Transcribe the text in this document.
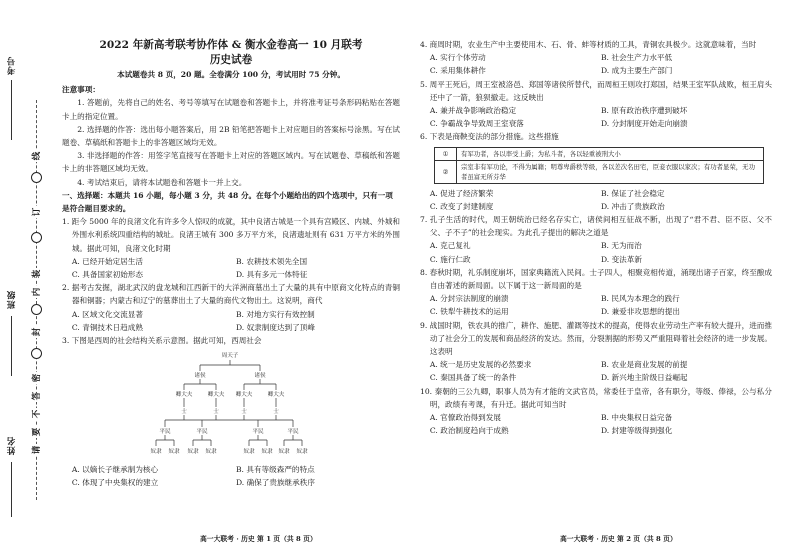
考号
班级
姓名
线
订
装
内
封
密
答
不
要
请
2022 年新高考联考协作体 & 衡水金卷高一 10 月联考
历史试卷
本试题卷共 8 页，20 题。全卷满分 100 分，考试用时 75 分钟。
注意事项：
1. 答题前，先将自己的姓名、考号等填写在试题卷和答题卡上，并将准考证号条形码粘贴在答题卡上的指定位置。
2. 选择题的作答：选出每小题答案后，用 2B 铅笔把答题卡上对应题目的答案标号涂黑。写在试题卷、草稿纸和答题卡上的非答题区域均无效。
3. 非选择题的作答：用签字笔直接写在答题卡上对应的答题区域内。写在试题卷、草稿纸和答题卡上的非答题区域均无效。
4. 考试结束后，请将本试题卷和答题卡一并上交。
一、选择题：本题共 16 小题，每小题 3 分，共 48 分。在每个小题给出的四个选项中，只有一项是符合题目要求的。
1. 距今 5000 年的良渚文化有许多令人惊叹的成就，其中良渚古城是一个具有宫殿区、内城、外城和外围水利系统四重结构的城址。良渚王城有 300 多万平方米，良渚遗址则有 631 万平方米的外围城。据此可知，良渚文化时期
A. 已经开始定居生活	B. 农耕技术领先全国
C. 具备国家初始形态	D. 具有多元一体特征
2. 据考古发掘，湖北武汉的盘龙城和江西新干的大洋洲商墓出土了大量的具有中原商文化特点的青铜器和铜器；内蒙古和辽宁的墓葬出土了大量的商代文物出土。这说明，商代
A. 区域文化交流显著	B. 对地方实行有效控制
C. 青铜技术日趋成熟	D. 奴隶制度达到了顶峰
3. 下图是西周的社会结构关系示意图。据此可知，西周社会
周天子
诸侯	诸侯
卿大夫	卿大夫 卿大夫	卿大夫
士	士	士	士
平民	平民	平民	平民
奴隶 奴隶 奴隶 奴隶	奴隶 奴隶 奴隶 奴隶
A. 以嫡长子继承制为核心	B. 具有等级森严的特点
C. 体现了中央集权的建立	D. 确保了贵族继承秩序
4. 商周时期，农业生产中主要使用木、石、骨、蚌等材质的工具，青铜农具极少。这就意味着，当时
A. 实行个体劳动	B. 社会生产力水平低
C. 采用集体耕作	D. 成为主要生产部门
5. 周平王死后，周王室被洛邑、郑国等诸侯所替代，而周桓王则攻打郑国，结果王室军队战败，桓王肩头还中了一箭，狼狈撤走。这反映出
A. 兼并战争影响政治稳定	B. 原有政治秩序遭到破坏
C. 争霸战争导致周王室衰落	D. 分封制度开始走向崩溃
6. 下表是商鞅变法的部分措施。这些措施
①	有军功者，各以率受上爵；为私斗者，各以轻重被刑大小
②	宗室非有军功论，不得为属籍；明尊卑爵秩等级，各以差次名田宅，臣妾衣服以家次；有功者显荣，无功者虽富无所芬华
A. 促进了经济繁荣	B. 保证了社会稳定
C. 改变了封建制度	D. 冲击了贵族政治
7. 孔子生活的时代，周王朝统治已经名存实亡，诸侯间相互征战不断，出现了“君不君、臣不臣、父不父、子不子”的社会现实。为此孔子提出的解决之道是
A. 克己复礼	B. 无为而治
C. 施行仁政	D. 变法革新
8. 春秋时期，礼乐制度崩坏，国家典籍流入民间。士子四人，相聚竞相传道，涌现出诸子百家，终至酿成自由著述的新局面。以下属于这一新局面的是
A. 分封宗法制度的崩溃	B. 民风为本理念的践行
C. 铁犁牛耕技术的运用	D. 兼爱非攻思想的提出
9. 战国时期，铁农具的推广，耕作、施肥、灌溉等技术的提高，使得农业劳动生产率有较大提升，进而推动了社会分工的发展和商品经济的发达。然而，分裂割据的形势又严重阻碍着社会经济的进一步发展。这表明
A. 统一是历史发展的必然要求	B. 农业是商业发展的前提
C. 秦国具备了统一的条件	D. 新兴地主阶级日益崛起
10. 秦朝的三公九卿，职事人员为有才能的文武官员，常委任于皇帝，各有职分，等级、俸禄，公与私分明，政绩有考课，有升迁。据此可知当时
A. 官僚政治得到发展	B. 中央集权日益完备
C. 政治制度趋向于成熟	D. 封建等级得到强化
高一大联考 · 历史 第 1 页（共 8 页）	高一大联考 · 历史 第 2 页（共 8 页）
